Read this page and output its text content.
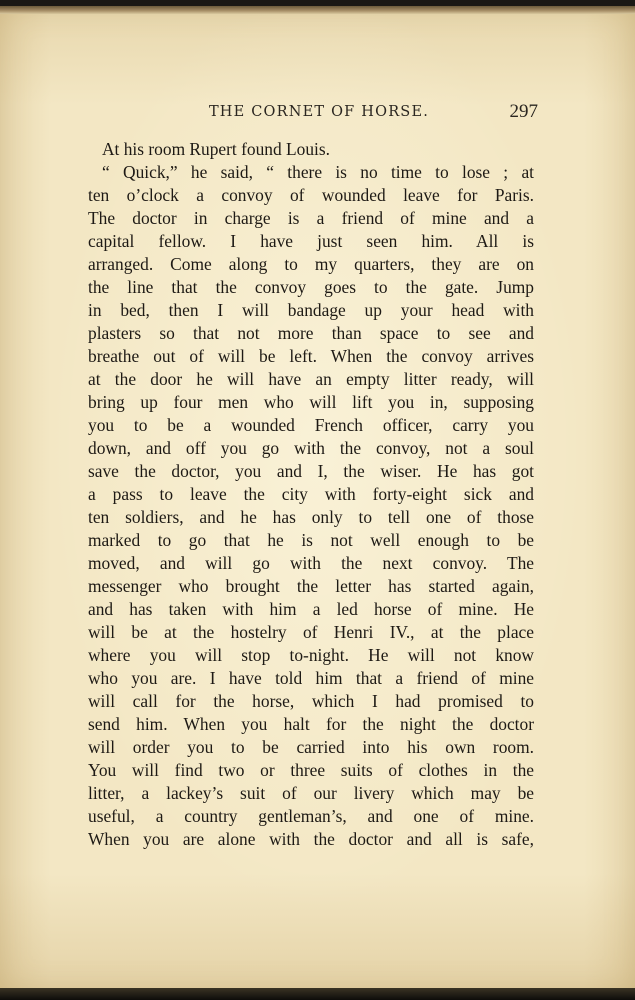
THE CORNET OF HORSE.	297
At his room Rupert found Louis.
“ Quick,” he said, “ there is no time to lose ; at
ten o’clock a convoy of wounded leave for Paris.
The doctor in charge is a friend of mine and a
capital fellow. I have just seen him. All is
arranged. Come along to my quarters, they are on
the line that the convoy goes to the gate. Jump
in bed, then I will bandage up your head with
plasters so that not more than space to see and
breathe out of will be left. When the convoy arrives
at the door he will have an empty litter ready, will
bring up four men who will lift you in, supposing
you to be a wounded French officer, carry you
down, and off you go with the convoy, not a soul
save the doctor, you and I, the wiser. He has got
a pass to leave the city with forty-eight sick and
ten soldiers, and he has only to tell one of those
marked to go that he is not well enough to be
moved, and will go with the next convoy. The
messenger who brought the letter has started again,
and has taken with him a led horse of mine. He
will be at the hostelry of Henri IV., at the place
where you will stop to-night. He will not know
who you are. I have told him that a friend of mine
will call for the horse, which I had promised to
send him. When you halt for the night the doctor
will order you to be carried into his own room.
You will find two or three suits of clothes in the
litter, a lackey’s suit of our livery which may be
useful, a country gentleman’s, and one of mine.
When you are alone with the doctor and all is safe,
